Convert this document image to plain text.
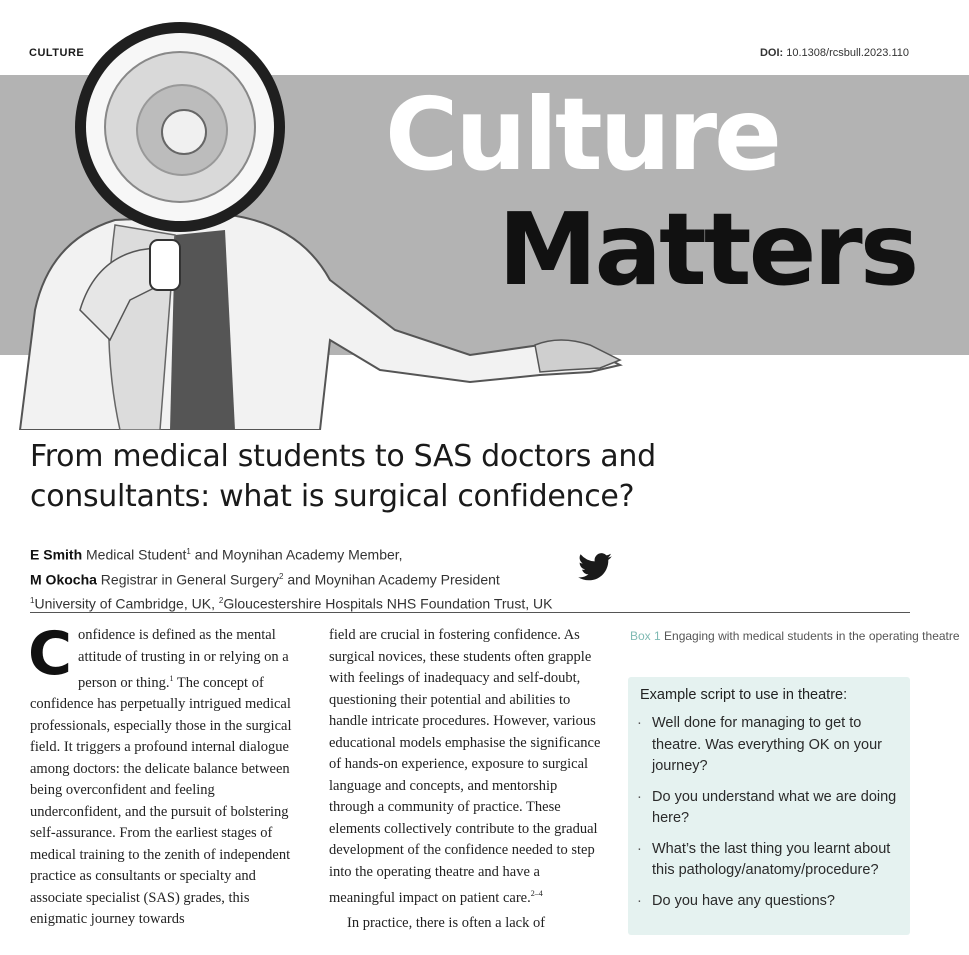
CULTURE	DOI: 10.1308/rcsbull.2023.110
Culture
Matters
From medical students to SAS doctors and consultants: what is surgical confidence?
E Smith Medical Student$^1$ and Moynihan Academy Member,
M Okocha Registrar in General Surgery$^2$ and Moynihan Academy President
$^1$University of Cambridge, UK, $^2$Gloucestershire Hospitals NHS Foundation Trust, UK

Confidence is defined as the mental attitude of trusting in or relying on a person or thing.$^1$ The concept of confidence has perpetually intrigued medical professionals, especially those in the surgical field. It triggers a profound internal dialogue among doctors: the delicate balance between being overconfident and feeling underconfident, and the pursuit of bolstering self-assurance. From the earliest stages of medical training to the zenith of independent practice as consultants or specialty and associate specialist (SAS) grades, this enigmatic journey towards

field are crucial in fostering confidence. As surgical novices, these students often grapple with feelings of inadequacy and self-doubt, questioning their potential and abilities to handle intricate procedures. However, various educational models emphasise the significance of hands-on experience, exposure to surgical language and concepts, and mentorship through a community of practice. These elements collectively contribute to the gradual development of the confidence needed to step into the operating theatre and have a meaningful impact on patient care.$^{2-4}$

In practice, there is often a lack of

Box 1 Engaging with medical students in the operating theatre
Example script to use in theatre:
· Well done for managing to get to theatre. Was everything OK on your journey?
· Do you understand what we are doing here?
· What’s the last thing you learnt about this pathology/anatomy/procedure?
· Do you have any questions?
